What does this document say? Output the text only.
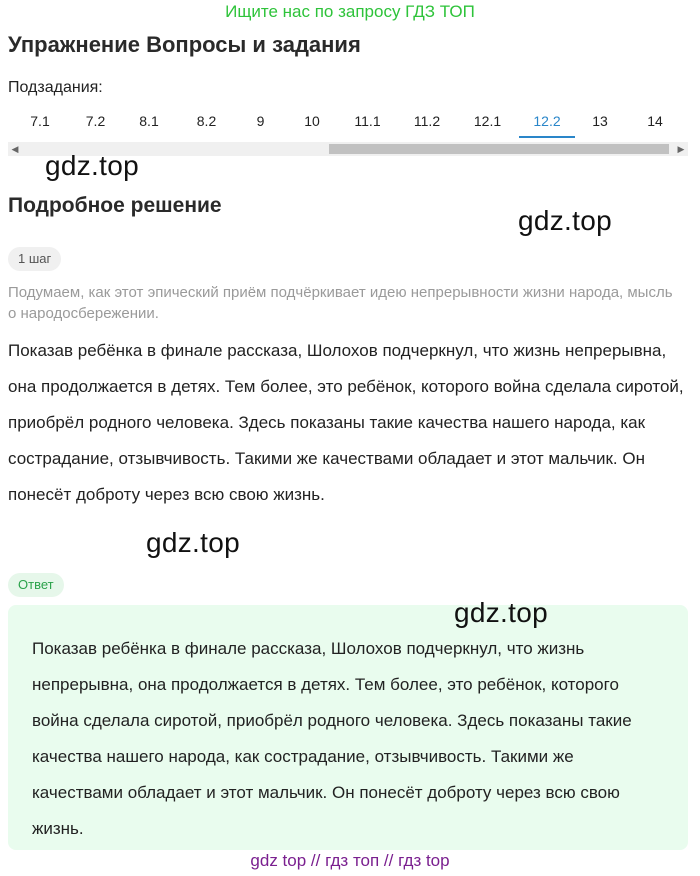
Ищите нас по запросу ГДЗ ТОП
Упражнение Вопросы и задания
Подзадания:
7.1	7.2	8.1	8.2	9	10	11.1	11.2	12.1	12.2	13	14
◀	▶
gdz.top
Подробное решение	gdz.top
1 шаг

Подумаем, как этот эпический приём подчёркивает идею непрерывности жизни народа, мысль о народосбережении.

Показав ребёнка в финале рассказа, Шолохов подчеркнул, что жизнь непрерывна, она продолжается в детях. Тем более, это ребёнок, которого война сделала сиротой, приобрёл родного человека. Здесь показаны такие качества нашего народа, как сострадание, отзывчивость. Такими же качествами обладает и этот мальчик. Он понесёт доброту через всю свою жизнь.

gdz.top
Ответ

Показав ребёнка в финале рассказа, Шолохов подчеркнул, что жизнь непрерывна, она продолжается в детях. Тем более, это ребёнок, которого война сделала сиротой, приобрёл родного человека. Здесь показаны такие качества нашего народа, как сострадание, отзывчивость. Такими же качествами обладает и этот мальчик. Он понесёт доброту через всю свою жизнь.

gdz.top
gdz top // гдз топ // гдз top
